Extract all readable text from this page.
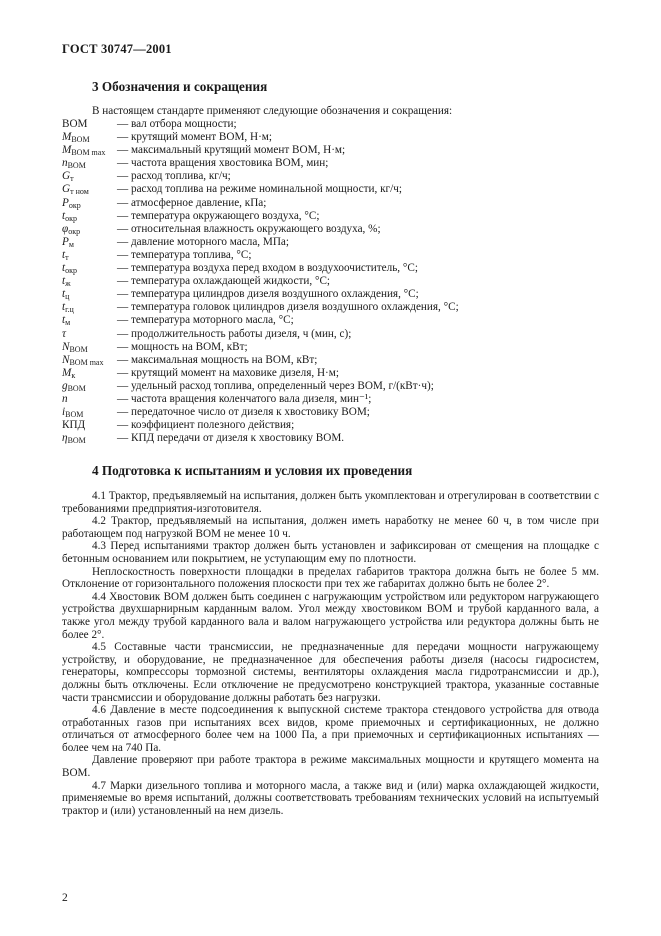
ГОСТ 30747—2001
3 Обозначения и сокращения
В настоящем стандарте применяют следующие обозначения и сокращения:
ВОМ	— вал отбора мощности;
$M_{ВОМ}$ — крутящий момент ВОМ, Н·м;
$M_{ВОМ max}$ — максимальный крутящий момент ВОМ, Н·м;
$n_{ВОМ}$	— частота вращения хвостовика ВОМ, мин;
$G_т$	— расход топлива, кг/ч;
$G_{т ном}$	— расход топлива на режиме номинальной мощности, кг/ч;
$P_{окр}$	— атмосферное давление, кПа;
$t_{окр}$	— температура окружающего воздуха, °С;
$\varphi_{окр}$	— относительная влажность окружающего воздуха, %;
$P_м$	— давление моторного масла, МПа;
$t_т$	— температура топлива, °С;
$t_{окр}$	— температура воздуха перед входом в воздухоочиститель, °С;
$t_ж$	— температура охлаждающей жидкости, °С;
$t_ц$	— температура цилиндров дизеля воздушного охлаждения, °С;
$t_{г.ц}$	— температура головок цилиндров дизеля воздушного охлаждения, °С;
$t_м$	— температура моторного масла, °С;
τ	— продолжительность работы дизеля, ч (мин, с);
$N_{ВОМ}$	— мощность на ВОМ, кВт;
$N_{ВОМ max}$ — максимальная мощность на ВОМ, кВт;
$M_к$	— крутящий момент на маховике дизеля, Н·м;
$g_{ВОМ}$	— удельный расход топлива, определенный через ВОМ, г/(кВт·ч);
n	— частота вращения коленчатого вала дизеля, мин⁻¹;
$i_{ВОМ}$	— передаточное число от дизеля к хвостовику ВОМ;
КПД	— коэффициент полезного действия;
$\eta_{ВОМ}$	— КПД передачи от дизеля к хвостовику ВОМ.
4 Подготовка к испытаниям и условия их проведения

4.1 Трактор, предъявляемый на испытания, должен быть укомплектован и отрегулирован в соответствии с требованиями предприятия-изготовителя.

4.2 Трактор, предъявляемый на испытания, должен иметь наработку не менее 60 ч, в том числе при работающем под нагрузкой ВОМ не менее 10 ч.

4.3 Перед испытаниями трактор должен быть установлен и зафиксирован от смещения на площадке с бетонным основанием или покрытием, не уступающим ему по плотности.

Неплоскостность поверхности площадки в пределах габаритов трактора должна быть не более 5 мм. Отклонение от горизонтального положения плоскости при тех же габаритах должно быть не более 2°.

4.4 Хвостовик ВОМ должен быть соединен с нагружающим устройством или редуктором нагружающего устройства двухшарнирным карданным валом. Угол между хвостовиком ВОМ и трубой карданного вала, а также угол между трубой карданного вала и валом нагружающего устройства или редуктора должны быть не более 2°.

4.5 Составные части трансмиссии, не предназначенные для передачи мощности нагружающему устройству, и оборудование, не предназначенное для обеспечения работы дизеля (насосы гидросистем, генераторы, компрессоры тормозной системы, вентиляторы охлаждения масла гидротрансмиссии и др.), должны быть отключены. Если отключение не предусмотрено конструкцией трактора, указанные составные части трансмиссии и оборудование должны работать без нагрузки.

4.6 Давление в месте подсоединения к выпускной системе трактора стендового устройства для отвода отработанных газов при испытаниях всех видов, кроме приемочных и сертификационных, не должно отличаться от атмосферного более чем на 1000 Па, а при приемочных и сертификационных испытаниях — более чем на 740 Па.

Давление проверяют при работе трактора в режиме максимальных мощности и крутящего момента на ВОМ.

4.7 Марки дизельного топлива и моторного масла, а также вид и (или) марка охлаждающей жидкости, применяемые во время испытаний, должны соответствовать требованиям технических условий на испытуемый трактор и (или) установленный на нем дизель.

2
